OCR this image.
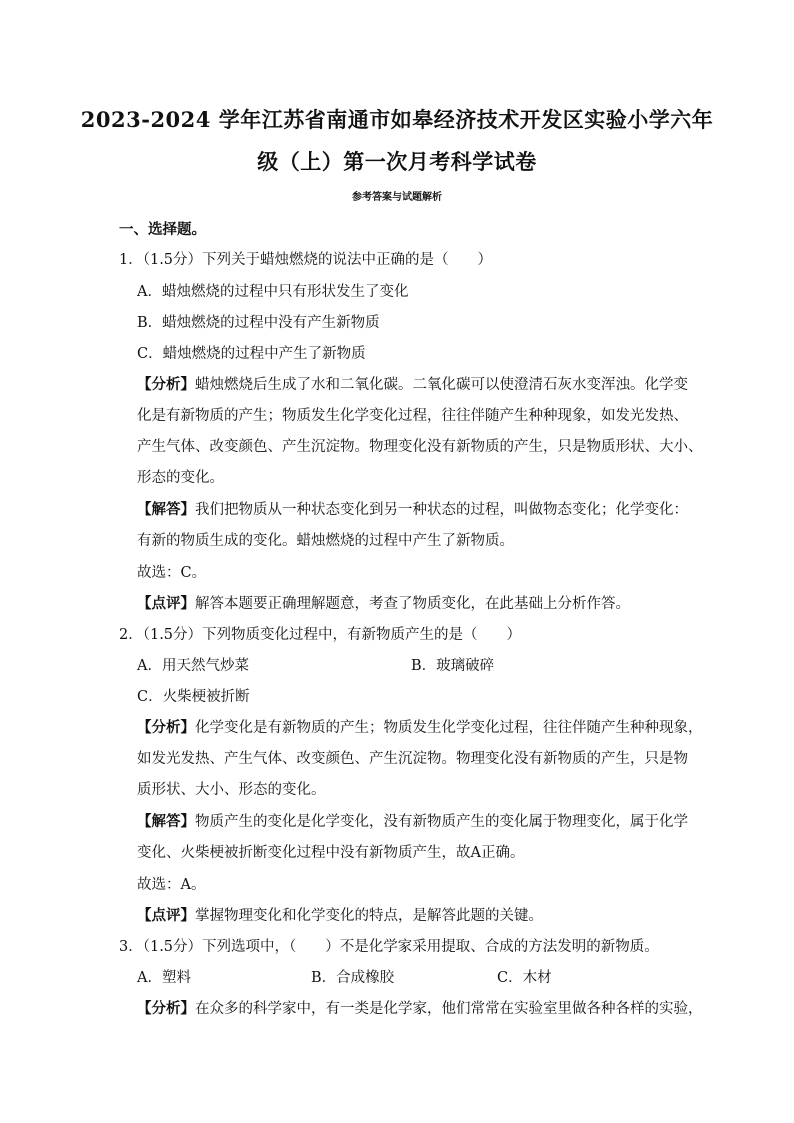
2023-2024 学年江苏省南通市如皋经济技术开发区实验小学六年
级（上）第一次月考科学试卷
参考答案与试题解析
一、选择题。
1．（1.5分）下列关于蜡烛燃烧的说法中正确的是（　　）
A．蜡烛燃烧的过程中只有形状发生了变化
B．蜡烛燃烧的过程中没有产生新物质
C．蜡烛燃烧的过程中产生了新物质
【分析】蜡烛燃烧后生成了水和二氧化碳。二氧化碳可以使澄清石灰水变浑浊。化学变
化是有新物质的产生；物质发生化学变化过程，往往伴随产生种种现象，如发光发热、
产生气体、改变颜色、产生沉淀物。物理变化没有新物质的产生，只是物质形状、大小、
形态的变化。
【解答】我们把物质从一种状态变化到另一种状态的过程，叫做物态变化；化学变化：
有新的物质生成的变化。蜡烛燃烧的过程中产生了新物质。
故选：C。
【点评】解答本题要正确理解题意，考查了物质变化，在此基础上分析作答。
2．（1.5分）下列物质变化过程中，有新物质产生的是（　　）
A．用天然气炒菜	B．玻璃破碎
C．火柴梗被折断
【分析】化学变化是有新物质的产生；物质发生化学变化过程，往往伴随产生种种现象，
如发光发热、产生气体、改变颜色、产生沉淀物。物理变化没有新物质的产生，只是物
质形状、大小、形态的变化。
【解答】物质产生的变化是化学变化，没有新物质产生的变化属于物理变化，属于化学
变化、火柴梗被折断变化过程中没有新物质产生，故A正确。
故选：A。
【点评】掌握物理变化和化学变化的特点，是解答此题的关键。
3．（1.5分）下列选项中，（　　）不是化学家采用提取、合成的方法发明的新物质。
A．塑料	B．合成橡胶	C．木材
【分析】在众多的科学家中，有一类是化学家，他们常常在实验室里做各种各样的实验，
